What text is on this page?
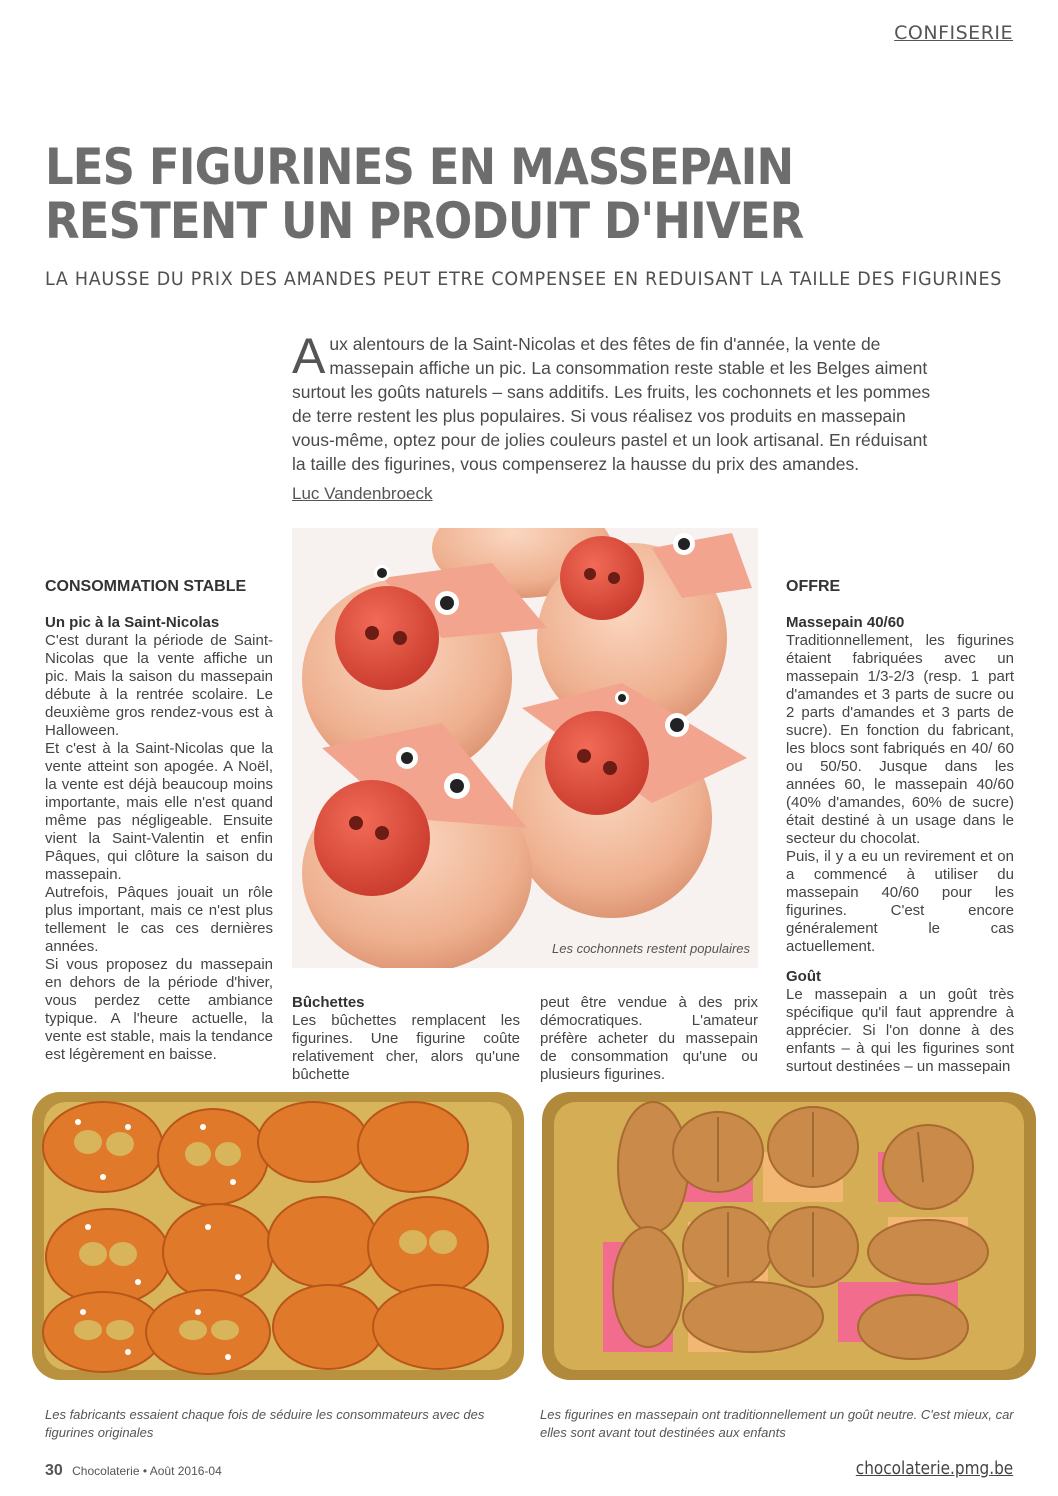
CONFISERIE
LES FIGURINES EN MASSEPAIN
RESTENT UN PRODUIT D'HIVER

LA HAUSSE DU PRIX DES AMANDES PEUT ETRE COMPENSEE EN REDUISANT LA TAILLE DES FIGURINES

Aux alentours de la Saint-Nicolas et des fêtes de fin d'année, la vente de massepain affiche un pic. La consommation reste stable et les Belges aiment surtout les goûts naturels – sans additifs. Les fruits, les cochonnets et les pommes de terre restent les plus populaires. Si vous réalisez vos produits en massepain vous-même, optez pour de jolies couleurs pastel et un look artisanal. En réduisant la taille des figurines, vous compenserez la hausse du prix des amandes.

Luc Vandenbroeck
CONSOMMATION STABLE
Un pic à la Saint-Nicolas

C'est durant la période de Saint-Nicolas que la vente affiche un pic. Mais la saison du massepain débute à la rentrée scolaire. Le deuxième gros rendez-vous est à Halloween.

Et c'est à la Saint-Nicolas que la vente atteint son apogée. A Noël, la vente est déjà beaucoup moins importante, mais elle n'est quand même pas négligeable. Ensuite vient la Saint-Valentin et enfin Pâques, qui clôture la saison du massepain.

Autrefois, Pâques jouait un rôle plus important, mais ce n'est plus tellement le cas ces dernières années.

Si vous proposez du massepain en dehors de la période d'hiver, vous perdez cette ambiance typique. A l'heure actuelle, la vente est stable, mais la tendance est légèrement en baisse.

Les cochonnets restent populaires
Bûchettes

Les bûchettes remplacent les figurines. Une figurine coûte relativement cher, alors qu'une bûchette

peut être vendue à des prix démocratiques. L'amateur préfère acheter du massepain de consommation qu'une ou plusieurs figurines.

OFFRE
Massepain 40/60

Traditionnellement, les figurines étaient fabriquées avec un massepain 1/3-2/3 (resp. 1 part d'amandes et 3 parts de sucre ou 2 parts d'amandes et 3 parts de sucre). En fonction du fabricant, les blocs sont fabriqués en 40/ 60 ou 50/50. Jusque dans les années 60, le massepain 40/60 (40% d'amandes, 60% de sucre) était destiné à un usage dans le secteur du chocolat.

Puis, il y a eu un revirement et on a commencé à utiliser du massepain 40/60 pour les figurines. C'est encore généralement le cas actuellement.

Goût

Le massepain a un goût très spécifique qu'il faut apprendre à apprécier. Si l'on donne à des enfants – à qui les figurines sont surtout destinées – un massepain

Les fabricants essaient chaque fois de séduire les consommateurs avec des figurines originales
Les figurines en massepain ont traditionnellement un goût neutre. C'est mieux, car elles sont avant tout destinées aux enfants
30 Chocolaterie • Août 2016-04	chocolaterie.pmg.be
